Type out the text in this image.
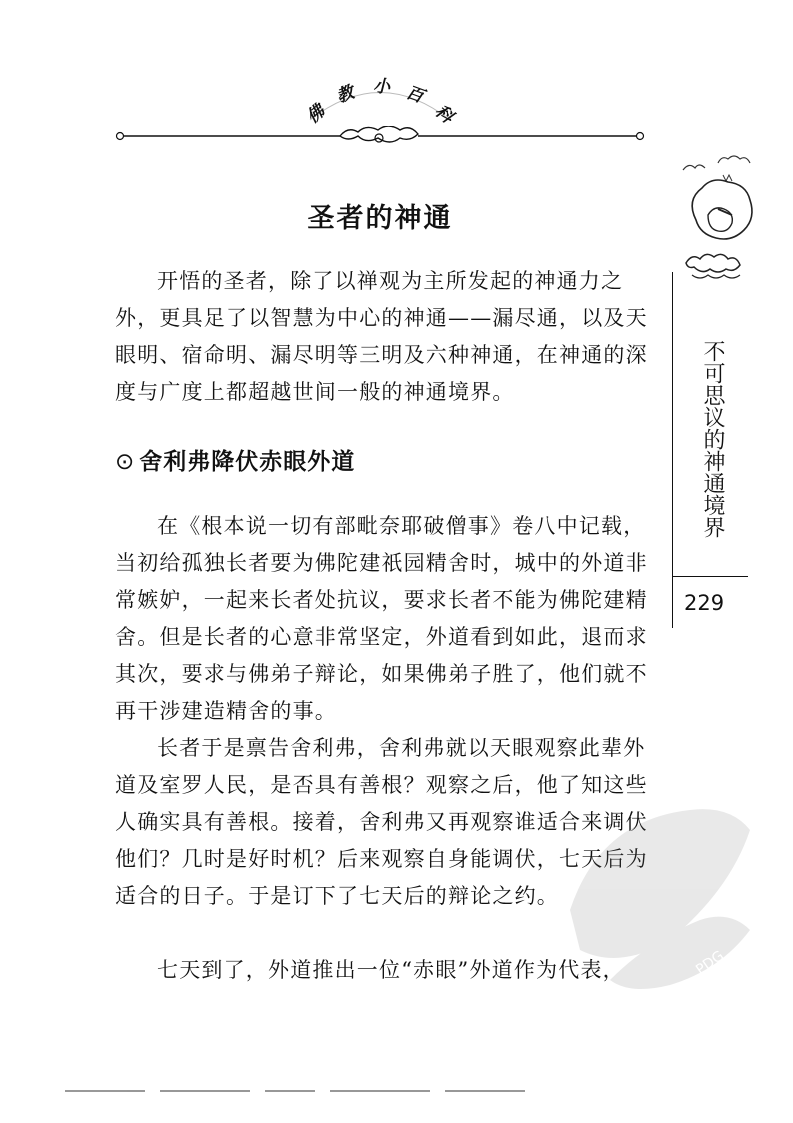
佛
教 小 百
科
不可思议的神通境界
229
圣者的神通

开悟的圣者，除了以禅观为主所发起的神通力之外，更具足了以智慧为中心的神通——漏尽通，以及天眼明、宿命明、漏尽明等三明及六种神通，在神通的深度与广度上都超越世间一般的神通境界。

⊙ 舍利弗降伏赤眼外道

在《根本说一切有部毗奈耶破僧事》卷八中记载，当初给孤独长者要为佛陀建祇园精舍时，城中的外道非常嫉妒，一起来长者处抗议，要求长者不能为佛陀建精舍。但是长者的心意非常坚定，外道看到如此，退而求其次，要求与佛弟子辩论，如果佛弟子胜了，他们就不再干涉建造精舍的事。

长者于是禀告舍利弗，舍利弗就以天眼观察此辈外道及室罗人民，是否具有善根？观察之后，他了知这些人确实具有善根。接着，舍利弗又再观察谁适合来调伏他们？几时是好时机？后来观察自身能调伏，七天后为适合的日子。于是订下了七天后的辩论之约。

七天到了，外道推出一位“赤眼”外道作为代表，	PDG
